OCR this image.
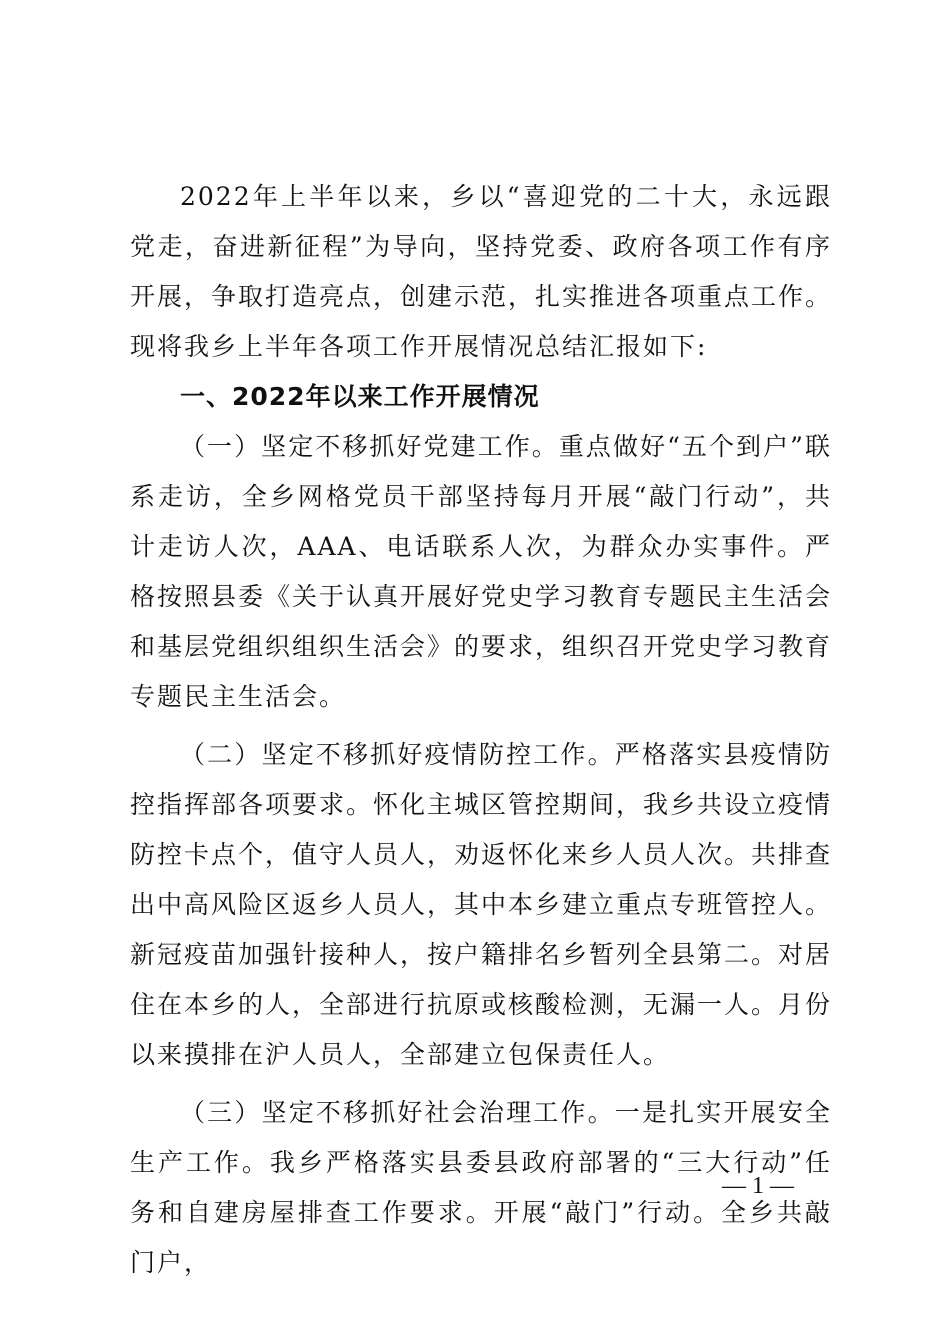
2022年上半年以来，乡以“喜迎党的二十大，永远跟党走，奋进新征程”为导向，坚持党委、政府各项工作有序开展，争取打造亮点，创建示范，扎实推进各项重点工作。现将我乡上半年各项工作开展情况总结汇报如下:

一、2022年以来工作开展情况

（一）坚定不移抓好党建工作。重点做好“五个到户”联系走访，全乡网格党员干部坚持每月开展“敲门行动”，共计走访人次，AAA、电话联系人次，为群众办实事件。严格按照县委《关于认真开展好党史学习教育专题民主生活会和基层党组织组织生活会》的要求，组织召开党史学习教育专题民主生活会。

（二）坚定不移抓好疫情防控工作。严格落实县疫情防控指挥部各项要求。怀化主城区管控期间，我乡共设立疫情防控卡点个，值守人员人，劝返怀化来乡人员人次。共排查出中高风险区返乡人员人，其中本乡建立重点专班管控人。新冠疫苗加强针接种人，按户籍排名乡暂列全县第二。对居住在本乡的人，全部进行抗原或核酸检测，无漏一人。月份以来摸排在沪人员人，全部建立包保责任人。

（三）坚定不移抓好社会治理工作。一是扎实开展安全生产工作。我乡严格落实县委县政府部署的“三大行动”任务和自建房屋排查工作要求。开展“敲门”行动。全乡共敲门户，

— 1 —
